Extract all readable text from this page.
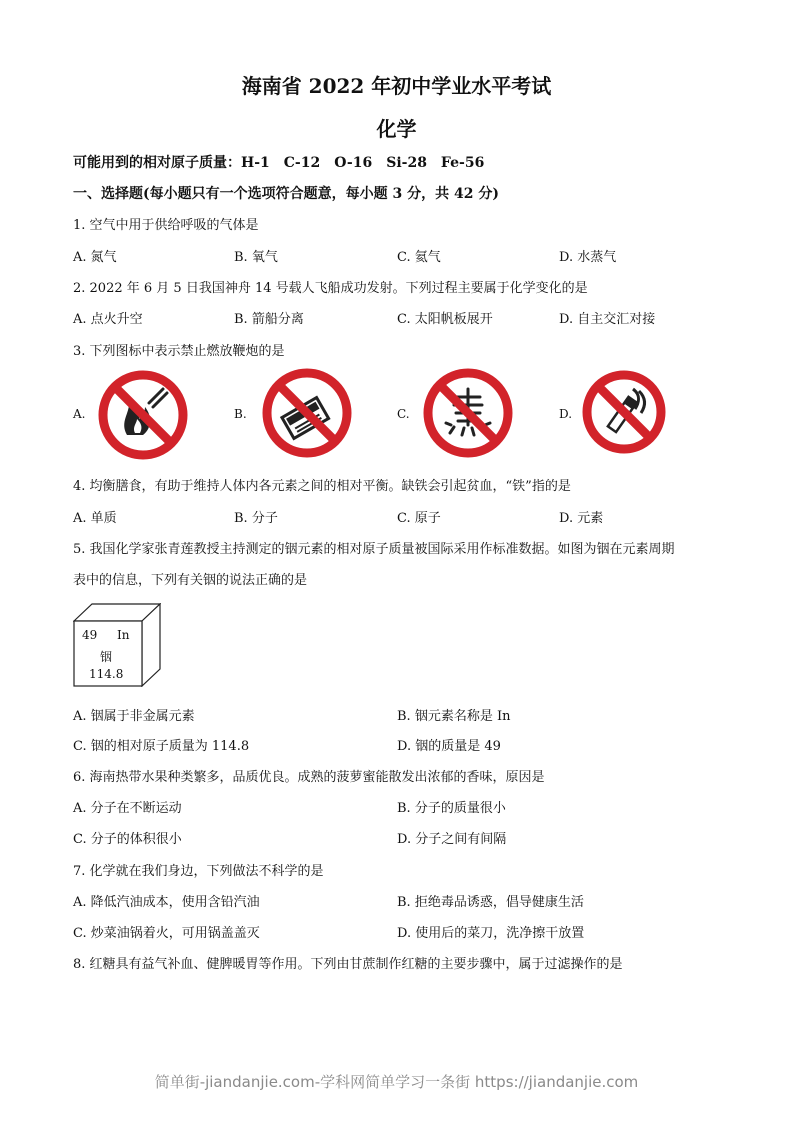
海南省 2022 年初中学业水平考试
化学
可能用到的相对原子质量：H-1　C-12　O-16　Si-28　Fe-56
一、选择题(每小题只有一个选项符合题意，每小题 3 分，共 42 分)
1. 空气中用于供给呼吸的气体是
A. 氮气	B. 氧气	C. 氦气	D. 水蒸气
2. 2022 年 6 月 5 日我国神舟 14 号载人飞船成功发射。下列过程主要属于化学变化的是
A. 点火升空	B. 箭船分离	C. 太阳帆板展开	D. 自主交汇对接
3. 下列图标中表示禁止燃放鞭炮的是
A.	B.	C.	D.
4. 均衡膳食，有助于维持人体内各元素之间的相对平衡。缺铁会引起贫血，“铁”指的是
A. 单质	B. 分子	C. 原子	D. 元素
5. 我国化学家张青莲教授主持测定的铟元素的相对原子质量被国际采用作标准数据。如图为铟在元素周期
表中的信息，下列有关铟的说法正确的是
49 In
铟
114.8
A. 铟属于非金属元素	B. 铟元素名称是 In
C. 铟的相对原子质量为 114.8	D. 铟的质量是 49
6. 海南热带水果种类繁多，品质优良。成熟的菠萝蜜能散发出浓郁的香味，原因是
A. 分子在不断运动	B. 分子的质量很小
C. 分子的体积很小	D. 分子之间有间隔
7. 化学就在我们身边，下列做法不科学的是
A. 降低汽油成本，使用含铅汽油	B. 拒绝毒品诱惑，倡导健康生活
C. 炒菜油锅着火，可用锅盖盖灭	D. 使用后的菜刀，洗净擦干放置
8. 红糖具有益气补血、健脾暖胃等作用。下列由甘蔗制作红糖的主要步骤中，属于过滤操作的是
简单街-jiandanjie.com-学科网简单学习一条街 https://jiandanjie.com
